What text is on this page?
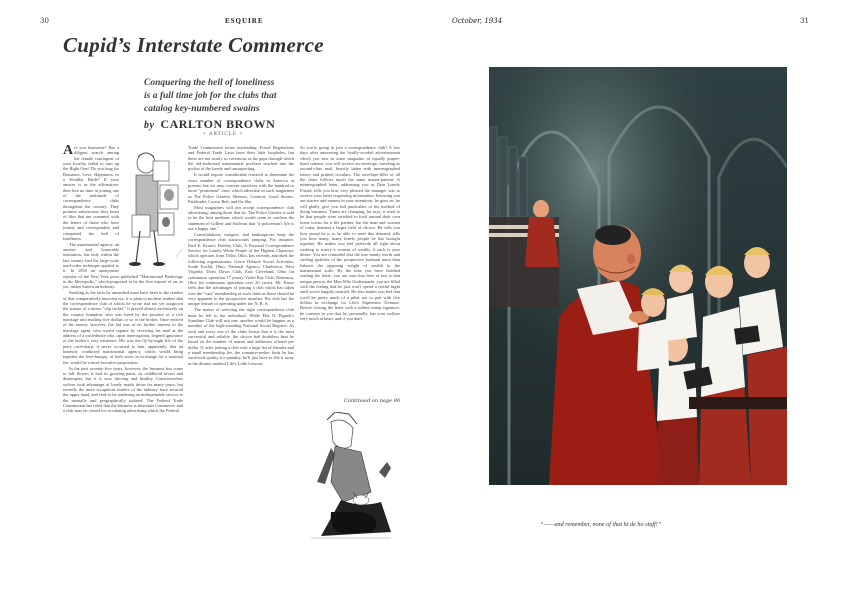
30	ESQUIRE	October, 1934	31
Cupid’s Interstate Commerce
Conquering the hell of loneliness
is a full time job for the clubs that
catalog key-numbered swains
by CARLTON BROWN
• ARTICLE •

Are you lonesome? Has a diligent search among the female contingent of your locality failed to turn up the Right One? Do you long for Romance, Love, Happiness, or a Wealthy Bride? If your answer is in the affirmative, then lose no time in joining one of the multitude of correspondence clubs throughout the country. They promise satisfaction; they boast of files that are crammed with the letters of those who have joined, and corresponded, and conquered the hell of loneliness.

The matrimonial agency, an ancient and honorable institution, has only within the last century had the large-scale mail-order technique applied to it. In 1850 an anonymous reporter of the New York press published "Matrimonial Brokerage in the Metropolis," which purported to be the first exposé of an, as yet, infant American industry.

Startling as the facts he unearthed must have been to the readers of that comparatively innocent era, it is plain to modern readers that the correspondence club of which he wrote had not yet outgrown the stature of a minor "clip racket." It preyed almost exclusively on the country bumpkin, who was lured by the promise of a rich marriage into mailing five dollars or so to the broker. Once enticed of his money, however, the lad was of no further interest to the marriage agent, who would capture by receiving his mail at the address of a confederate who, upon interrogation, feigned ignorance of the broker's very existence. His was the fly-by-night life of the petty card-sharp; it never occurred to him, apparently, that an honestly conducted matrimonial agency, which would bring together the love-hungry, of both sexes in exchange for a nominal fee, would be a more lucrative proposition.

In the past seventy-five years, however, the business has come to full flower; it had its growing-pains, its childhood fevers and distempers, but it is now thriving and healthy. Conscienceless wolves took advantage of lonely maids down for many years; but recently the more scrupulous leaders of the industry have secured the upper hand, and seek to be rendering an indispensable service to the mentally and geographically isolated. The Federal Trade Commission has ruled that the business is Interstate Commerce, and a club may be closed for circulating advertising which the Federal

Trade Commission terms misleading. Postal Regulations and Federal Trade Laws have their little loopholes, but these are not nearly so cavernous as the gaps through which the old-fashioned matrimonial profiteer reached into the pocket of the lonely and unsuspecting.

It would require considerable research to determine the exact number of correspondence clubs in America at present, but we may concern ourselves with the hundred or more "prominent" ones, which advertise in such magazines as The Police Gazette, Breezes, Comfort, Good Stories, Pathfinder, Cactus Belt, and the like.

Most magazines will not accept correspondence club advertising; among those that do, The Police Gazette is said to be the best medium, which would seem to confirm the statement of Gilbert and Sullivan that "a policeman's life is not a happy one."

Consolidations, mergers, and bankruptcies keep the correspondence club statisticians jumping. For instance, Paul E. Kruse's Fidelity Club, A Personal Correspondence Service for Lonely White People of the Highest Character, which operates from Tiffin, Ohio, has recently absorbed the following organizations: Grace Dobson Social Activities, South Euclid, Ohio; National Agency, Charleston, West Virginia; Doris Dawn Club, East Cleveland, Ohio (in continuous operation 17 years); Violet Ray Club, Dennison, Ohio (in continuous operation over 20 years). Mr. Kruse feels that the advantages of joining a club which has taken over the "vast" membership of such clubs as these should be very apparent to the prospective member. His club has the unique feature of operating under the N. R. A.

The matter of selecting the right correspondence club must be left to the individual. While Ella N. Pignoli's Sunshine Club will suit one, another would be happier as a member of the high-sounding National Social Register. As each and every one of the clubs boasts that it is the most successful and reliable, the choice had doubtless best be based on the number of names and addresses offered per dollar. If, after joining a club with a large list of females and a small membership fee, the romance-seeker finds he has sacrificed quality for quantity, he'll just have to file it away in the dimmy marked Life's Little Lessons.

So you're going to join a correspondence club? A few days after answering the lividly-worded advertisement which you saw in some magazine of equally purple-hued content, you will receive an envelope, traveling as second-class mail, heavily laden with mimeographed letters and printed circulars. The envelope-filler of all the clubs follows much the same master-pattern. A mimeographed letter, addressing you as Dear Lonely Friend, tells you how very pleased the manager was to receive your letter requesting information. Knowing you are sincere and earnest in your intentions, he goes on, he will gladly give you full particulars of his method of doing business. Times are changing, he says; it used to be that people were satisfied to look around their own home towns for a life partner, but the man and women of today demand a larger field of choice. He tells you how proud he is to be able to meet this demand, tells you how many, many lonely people he has brought together. He makes you feel perfectly all right about wishing to marry a woman of wealth, if such is your desire. You are reminded that the true manly worth and sterling qualities of the prospective husband more than balance the opposing weight of wealth in the matrimonial scale. By the time you have finished reading his letter, you are sure that here at last is that unique person, the Man Who Understands; you are filled with the feeling that he just won't spend a restful night until you're happily married. He also makes you feel that you'd be pretty much of a piker not to part with five dollars in exchange for Life's Supremest Treasure. Before closing the letter with a rubber-stamp signature, he conveys to you that he, personally, has your welfare very much at heart, and if you don't

Continued on page 96
“——and remember, none of that hi de ho stuff!”
